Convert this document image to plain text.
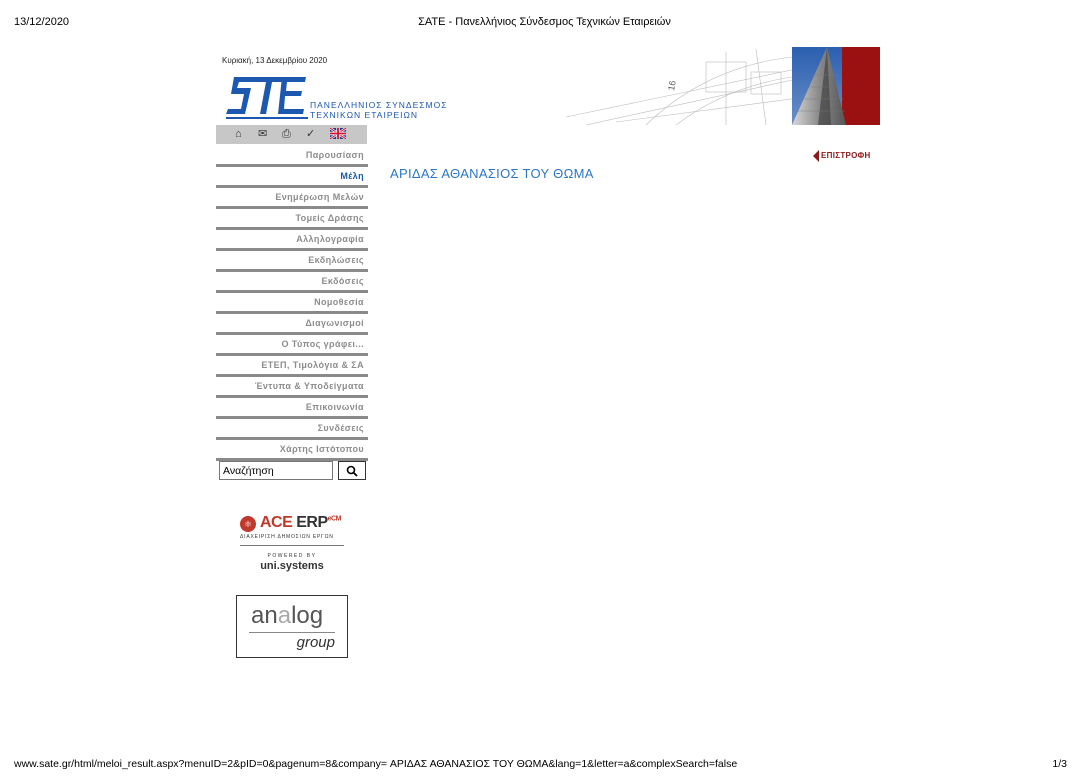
13/12/2020	ΣΑΤΕ - Πανελλήνιος Σύνδεσμος Τεχνικών Εταιρειών
Κυριακή, 13 Δεκεμβρίου 2020
ΠΑΝΕΛΛΗΝΙΟΣ ΣΥΝΔΕΣΜΟΣ
ΤΕΧΝΙΚΩΝ ΕΤΑΙΡΕΙΩΝ
16
⌂ ✉ ⎙ ✓
Παρουσίαση
Μέλη
Ενημέρωση Μελών
Τομείς Δράσης
Αλληλογραφία
Εκδηλώσεις
Εκδόσεις
Νομοθεσία
Διαγωνισμοί
Ο Τύπος γράφει...
ΕΤΕΠ, Τιμολόγια & ΣΑ
Έντυπα & Υποδείγματα
Επικοινωνία
Συνδέσεις
Χάρτης Ιστότοπου
Αναζήτηση
⚛ ACE ERP$^{eCM}$
ΔΙΑΧΕΙΡΙΣΗ ΔΗΜΟΣΙΩΝ ΕΡΓΩΝ
POWERED BY
uni.systems
analog
group
ΕΠΙΣΤΡΟΦΗ
ΑΡΙΔΑΣ ΑΘΑΝΑΣΙΟΣ ΤΟΥ ΘΩΜΑ
www.sate.gr/html/meloi_result.aspx?menuID=2&pID=0&pagenum=8&company= ΑΡΙΔΑΣ ΑΘΑΝΑΣΙΟΣ ΤΟΥ ΘΩΜΑ&lang=1&letter=a&complexSearch=false	1/3
